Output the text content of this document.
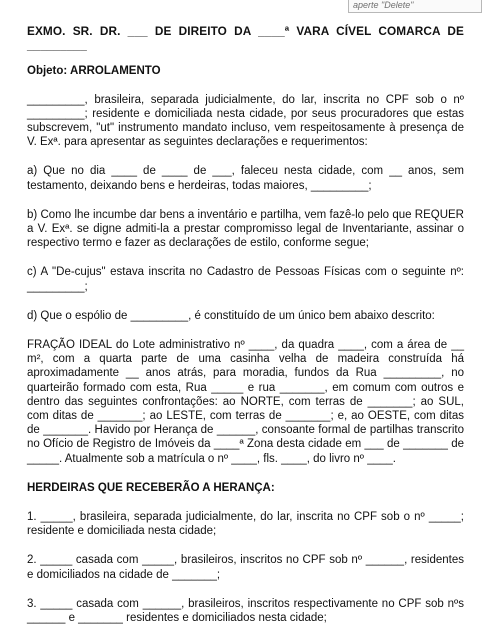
aperte "Delete"

EXMO. SR. DR. ___ DE DIREITO DA ____ª VARA CÍVEL COMARCA DE _________

Objeto: ARROLAMENTO

_________, brasileira, separada judicialmente, do lar, inscrita no CPF sob o nº _________; residente e domiciliada nesta cidade, por seus procuradores que estas subscrevem, "ut" instrumento mandato incluso, vem respeitosamente à presença de V. Exª. para apresentar as seguintes declarações e requerimentos:

a) Que no dia ____ de ____ de ___, faleceu nesta cidade, com __ anos, sem testamento, deixando bens e herdeiras, todas maiores, _________;

b) Como lhe incumbe dar bens a inventário e partilha, vem fazê-lo pelo que REQUER a V. Exª. se digne admiti-la a prestar compromisso legal de Inventariante, assinar o respectivo termo e fazer as declarações de estilo, conforme segue;

c) A "De-cujus" estava inscrita no Cadastro de Pessoas Físicas com o seguinte nº: _________;

d) Que o espólio de _________, é constituído de um único bem abaixo descrito:

FRAÇÃO IDEAL do Lote administrativo nº ____, da quadra ____, com a área de __ m², com a quarta parte de uma casinha velha de madeira construída há aproximadamente __ anos atrás, para moradia, fundos da Rua _________, no quarteirão formado com esta, Rua _____ e rua _______, em comum com outros e dentro das seguintes confrontações: ao NORTE, com terras de _______; ao SUL, com ditas de _______; ao LESTE, com terras de _______; e, ao OESTE, com ditas de _______. Havido por Herança de ______, consoante formal de partilhas transcrito no Ofício de Registro de Imóveis da ____ª Zona desta cidade em ___ de _______ de _____. Atualmente sob a matrícula o nº ____, fls. ____, do livro nº ____.

HERDEIRAS QUE RECEBERÃO A HERANÇA:

1. _____, brasileira, separada judicialmente, do lar, inscrita no CPF sob o nº _____; residente e domiciliada nesta cidade;

2. _____ casada com _____, brasileiros, inscritos no CPF sob nº ______, residentes e domiciliados na cidade de _______;

3. _____ casada com ______, brasileiros, inscritos respectivamente no CPF sob nºs ______ e _______ residentes e domiciliados nesta cidade;
